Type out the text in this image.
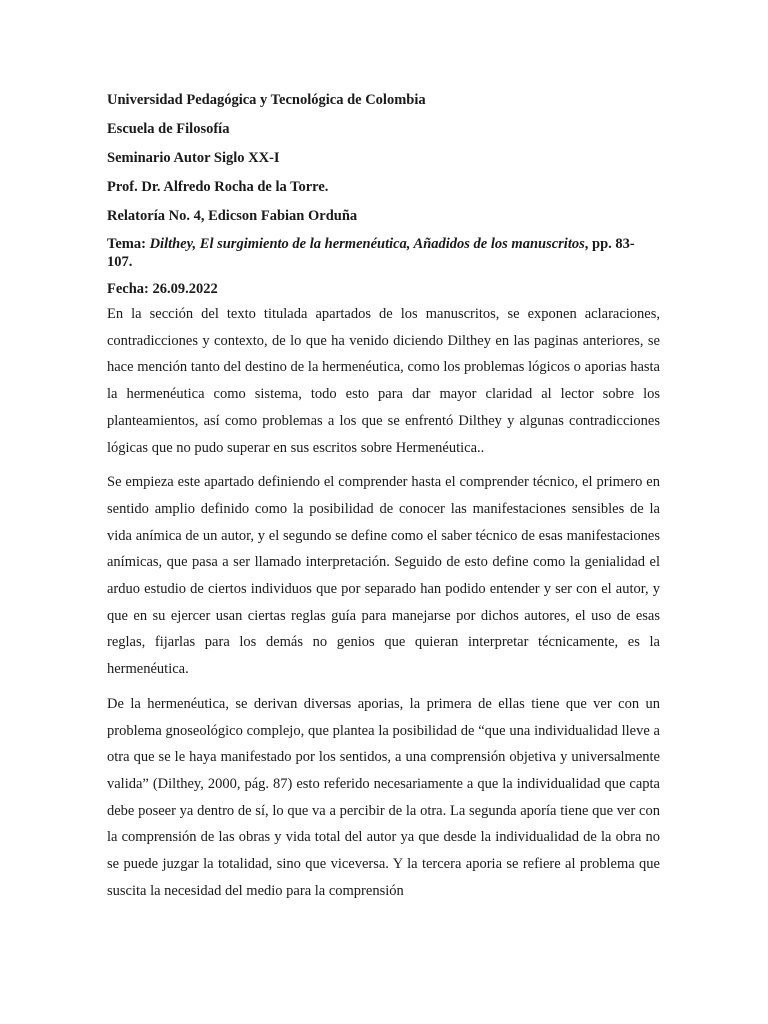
Universidad Pedagógica y Tecnológica de Colombia
Escuela de Filosofía
Seminario Autor Siglo XX-I
Prof. Dr. Alfredo Rocha de la Torre.
Relatoría No. 4, Edicson Fabian Orduña
Tema: Dilthey, El surgimiento de la hermenéutica, Añadidos de los manuscritos, pp. 83-107.
Fecha: 26.09.2022

En la sección del texto titulada apartados de los manuscritos, se exponen aclaraciones, contradicciones y contexto, de lo que ha venido diciendo Dilthey en las paginas anteriores, se hace mención tanto del destino de la hermenéutica, como los problemas lógicos o aporias hasta la hermenéutica como sistema, todo esto para dar mayor claridad al lector sobre los planteamientos, así como problemas a los que se enfrentó Dilthey y algunas contradicciones lógicas que no pudo superar en sus escritos sobre Hermenéutica..

Se empieza este apartado definiendo el comprender hasta el comprender técnico, el primero en sentido amplio definido como la posibilidad de conocer las manifestaciones sensibles de la vida anímica de un autor, y el segundo se define como el saber técnico de esas manifestaciones anímicas, que pasa a ser llamado interpretación. Seguido de esto define como la genialidad el arduo estudio de ciertos individuos que por separado han podido entender y ser con el autor, y que en su ejercer usan ciertas reglas guía para manejarse por dichos autores, el uso de esas reglas, fijarlas para los demás no genios que quieran interpretar técnicamente, es la hermenéutica.

De la hermenéutica, se derivan diversas aporias, la primera de ellas tiene que ver con un problema gnoseológico complejo, que plantea la posibilidad de “que una individualidad lleve a otra que se le haya manifestado por los sentidos, a una comprensión objetiva y universalmente valida” (Dilthey, 2000, pág. 87) esto referido necesariamente a que la individualidad que capta debe poseer ya dentro de sí, lo que va a percibir de la otra. La segunda aporía tiene que ver con la comprensión de las obras y vida total del autor ya que desde la individualidad de la obra no se puede juzgar la totalidad, sino que viceversa. Y la tercera aporia se refiere al problema que suscita la necesidad del medio para la comprensión
